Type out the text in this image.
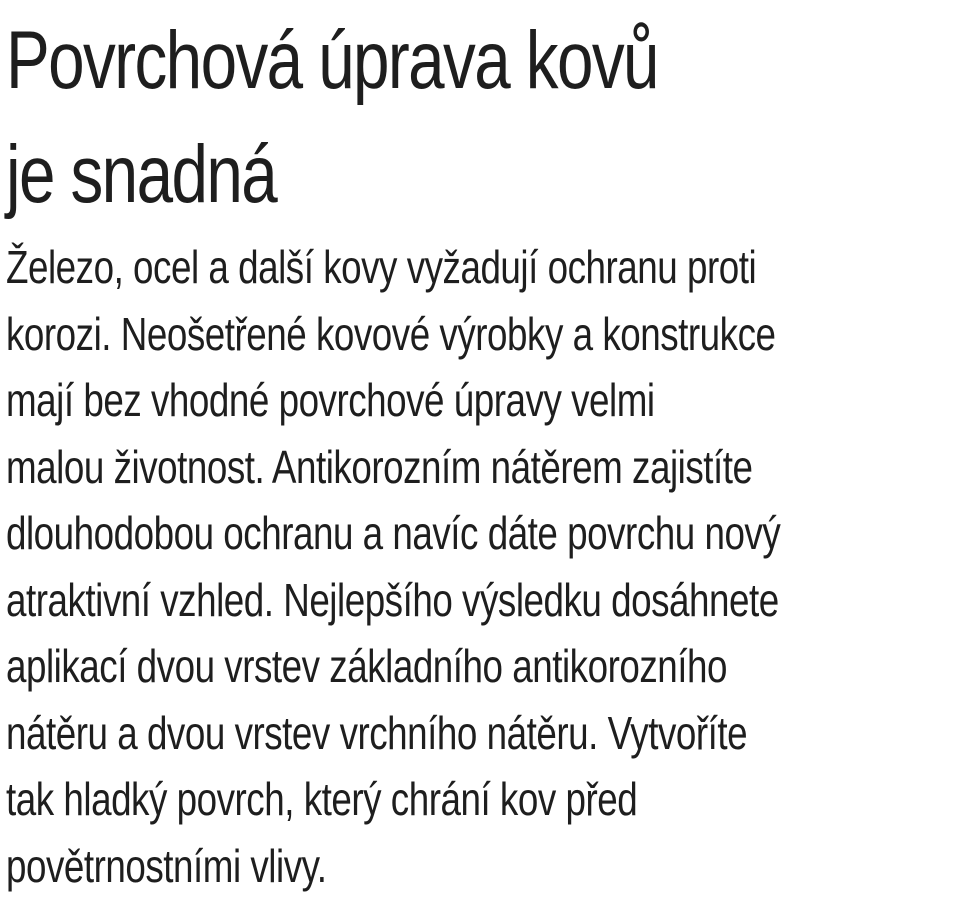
Povrchová úprava kovů
je snadná

Železo, ocel a další kovy vyžadují ochranu proti
korozi. Neošetřené kovové výrobky a konstrukce
mají bez vhodné povrchové úpravy velmi
malou životnost. Antikorozním nátěrem zajistíte
dlouhodobou ochranu a navíc dáte povrchu nový
atraktivní vzhled. Nejlepšího výsledku dosáhnete
aplikací dvou vrstev základního antikorozního
nátěru a dvou vrstev vrchního nátěru. Vytvoříte
tak hladký povrch, který chrání kov před
povětrnostními vlivy.
